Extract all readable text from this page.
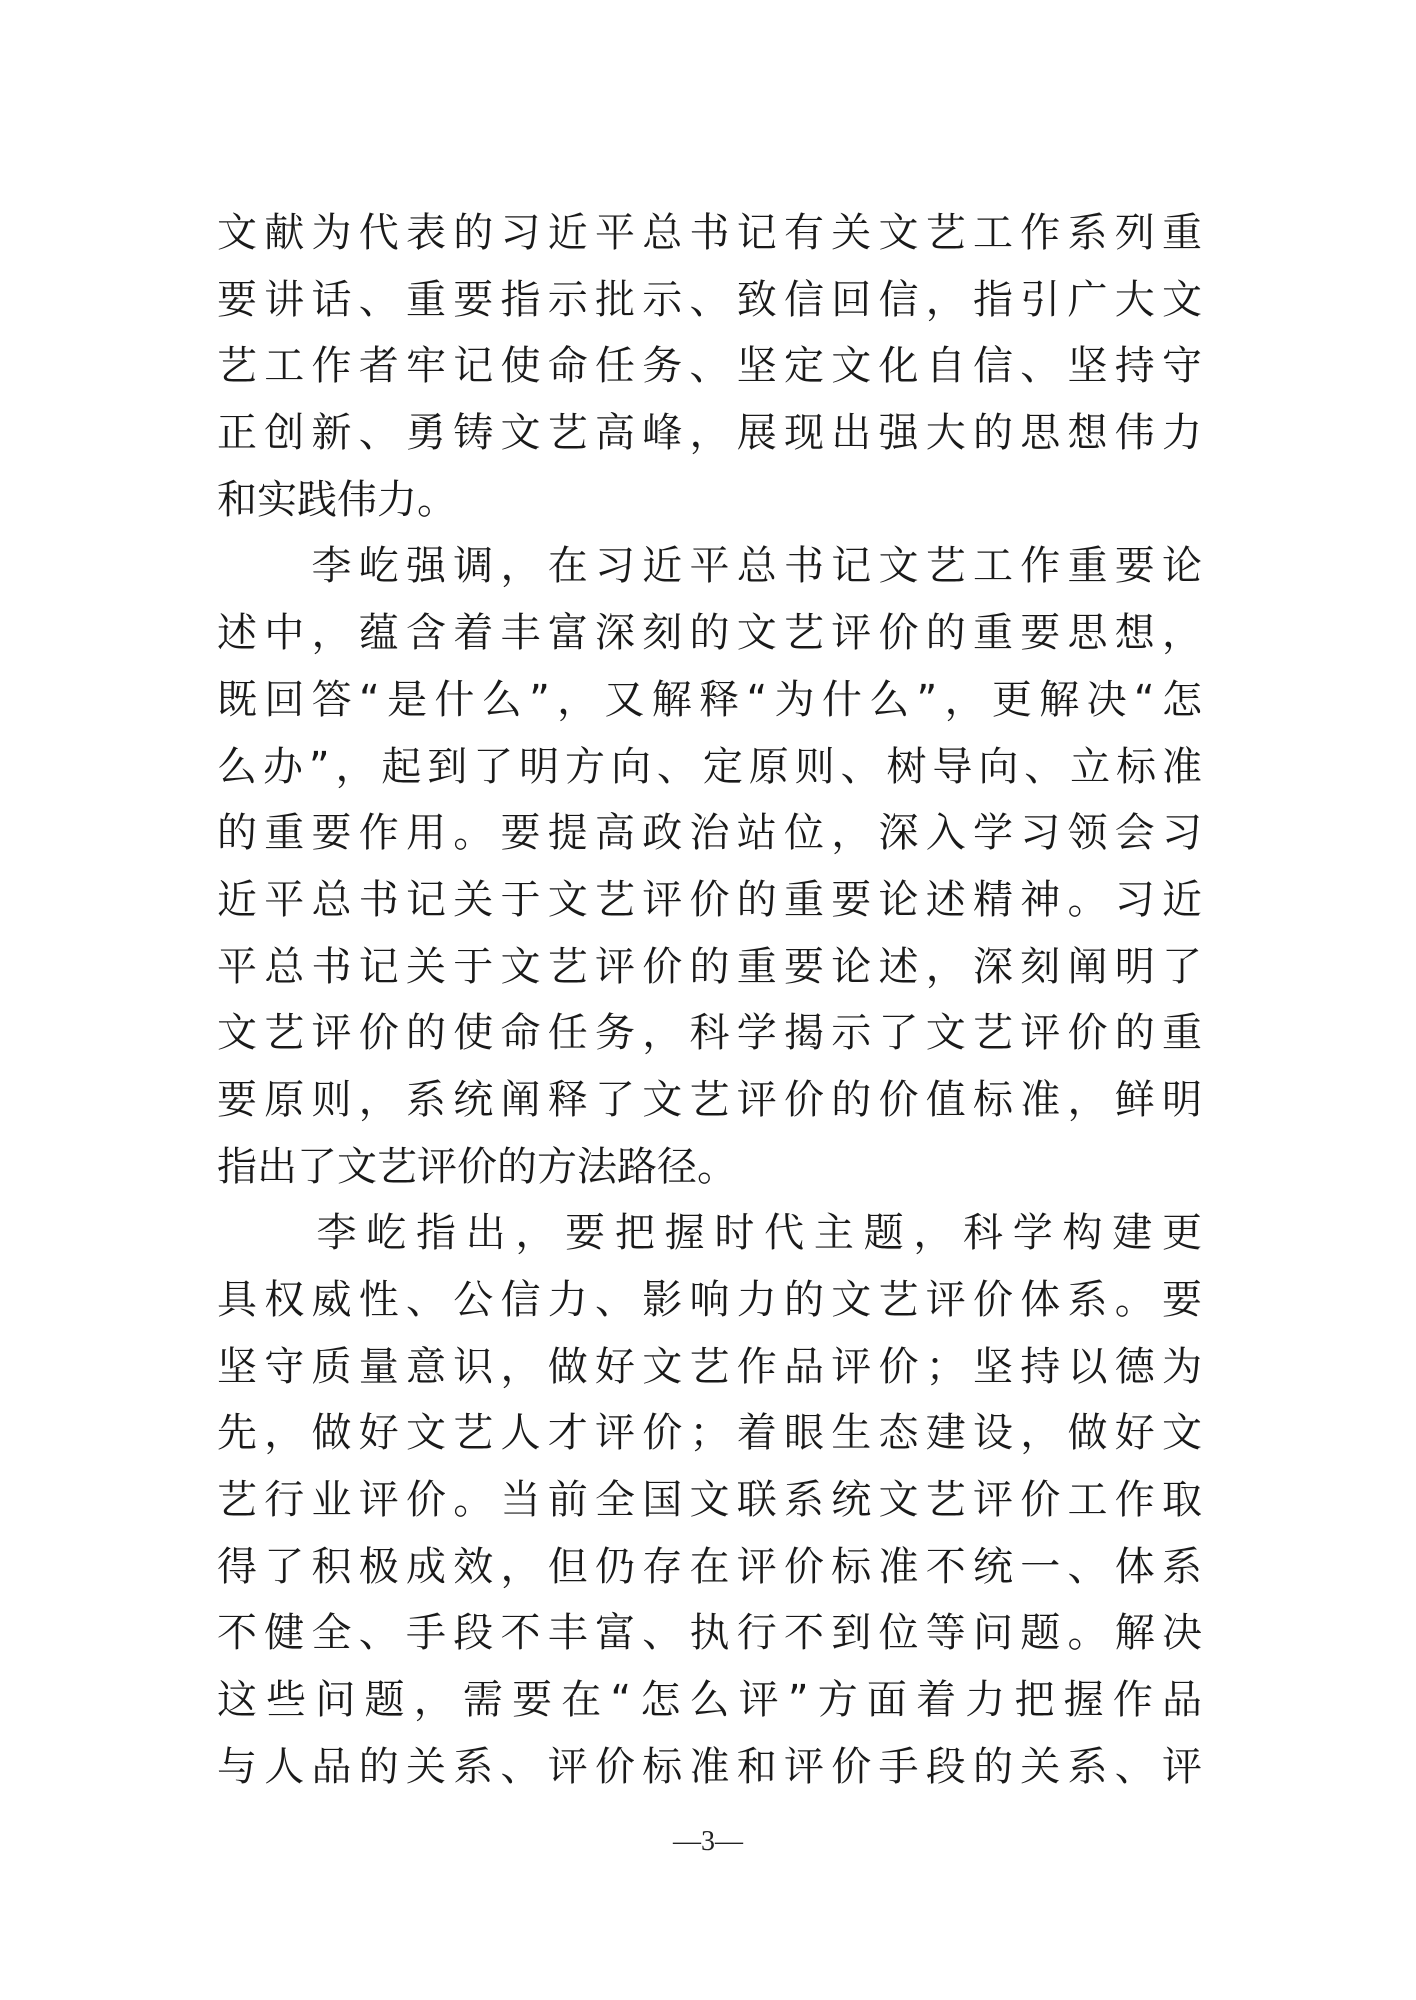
文献为代表的习近平总书记有关文艺工作系列重
要讲话、重要指示批示、致信回信，指引广大文
艺工作者牢记使命任务、坚定文化自信、坚持守
正创新、勇铸文艺高峰，展现出强大的思想伟力
和实践伟力。
　　李屹强调，在习近平总书记文艺工作重要论
述中，蕴含着丰富深刻的文艺评价的重要思想，
既回答“是什么”，又解释“为什么”，更解决“怎
么办”，起到了明方向、定原则、树导向、立标准
的重要作用。要提高政治站位，深入学习领会习
近平总书记关于文艺评价的重要论述精神。习近
平总书记关于文艺评价的重要论述，深刻阐明了
文艺评价的使命任务，科学揭示了文艺评价的重
要原则，系统阐释了文艺评价的价值标准，鲜明
指出了文艺评价的方法路径。
　　李屹指出，要把握时代主题，科学构建更
具权威性、公信力、影响力的文艺评价体系。要
坚守质量意识，做好文艺作品评价；坚持以德为
先，做好文艺人才评价；着眼生态建设，做好文
艺行业评价。当前全国文联系统文艺评价工作取
得了积极成效，但仍存在评价标准不统一、体系
不健全、手段不丰富、执行不到位等问题。解决
这些问题，需要在“怎么评”方面着力把握作品
与人品的关系、评价标准和评价手段的关系、评
—3—
